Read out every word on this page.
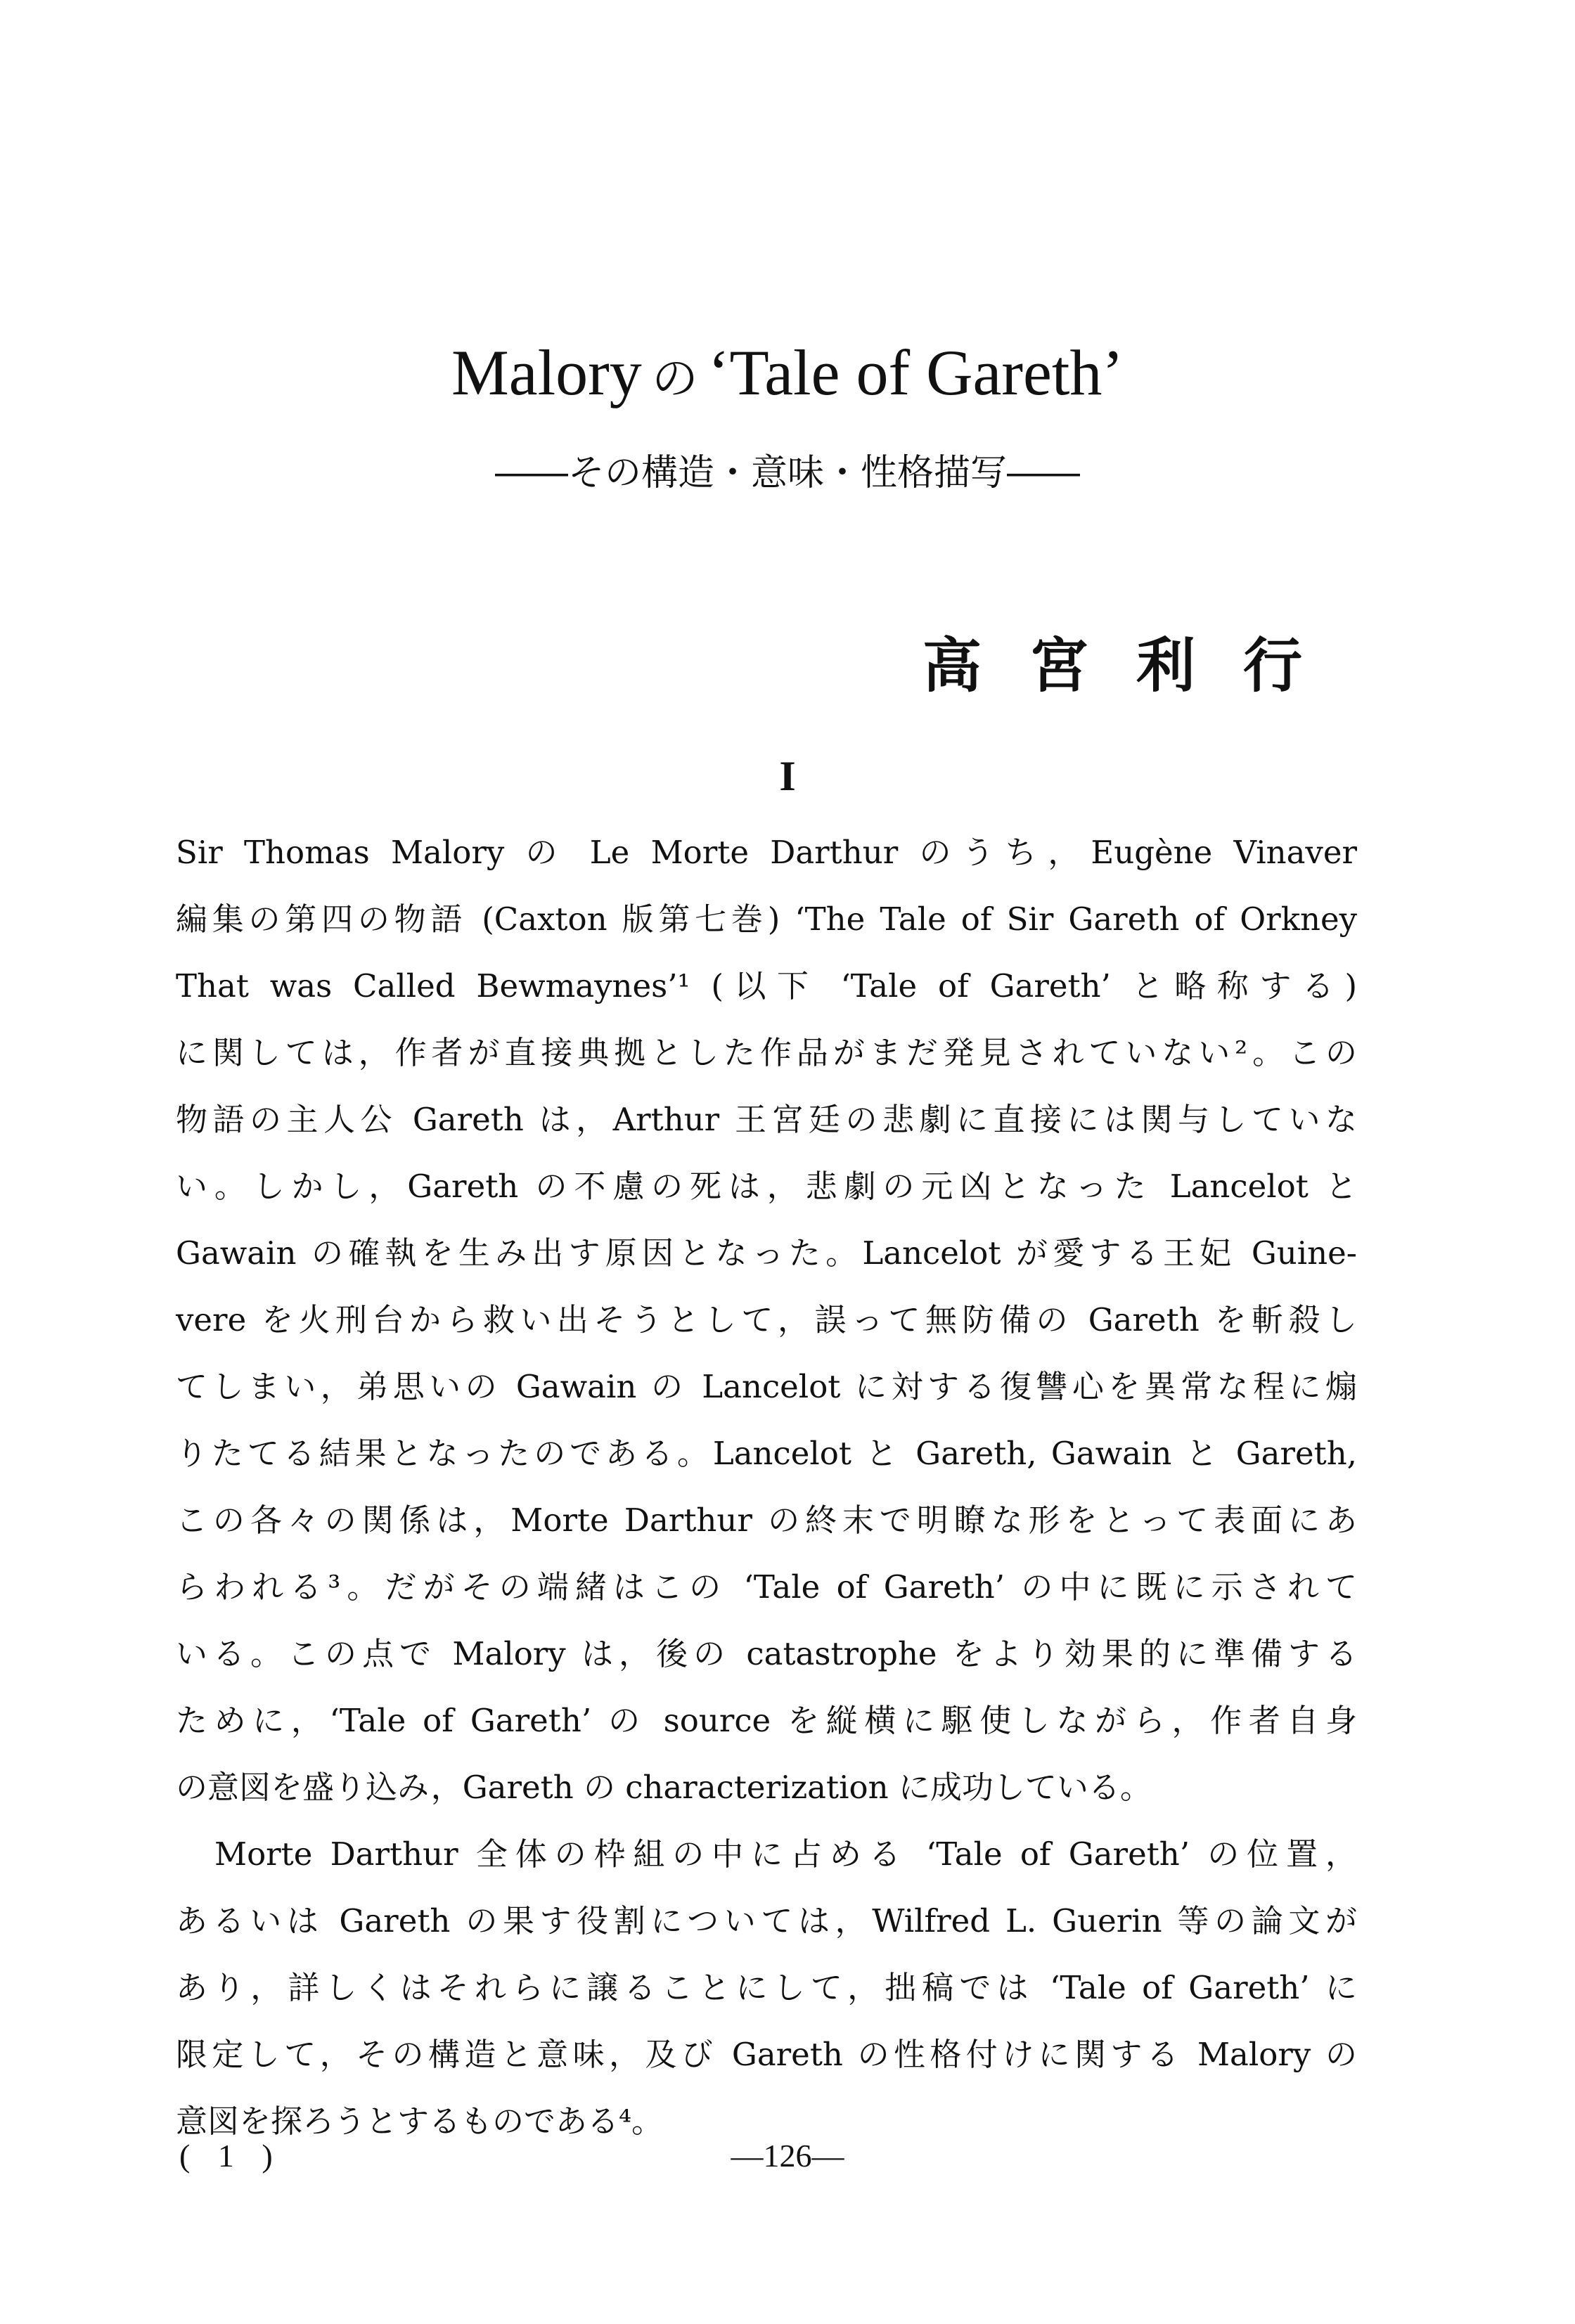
Malory の ‘Tale of Gareth’
――その構造・意味・性格描写――
高宮利行
I
Sir Thomas Malory の Le Morte Darthur のうち，Eugène Vinaver
編集の第四の物語 (Caxton 版第七巻) ‘The Tale of Sir Gareth of Orkney
That was Called Bewmaynes’¹ (以下 ‘Tale of Gareth’ と略称する)
に関しては，作者が直接典拠とした作品がまだ発見されていない²。この
物語の主人公 Gareth は，Arthur 王宮廷の悲劇に直接には関与していな
い。しかし，Gareth の不慮の死は，悲劇の元凶となった Lancelot と
Gawain の確執を生み出す原因となった。Lancelot が愛する王妃 Guine-
vere を火刑台から救い出そうとして，誤って無防備の Gareth を斬殺し
てしまい，弟思いの Gawain の Lancelot に対する復讐心を異常な程に煽
りたてる結果となったのである。Lancelot と Gareth, Gawain と Gareth,
この各々の関係は，Morte Darthur の終末で明瞭な形をとって表面にあ
らわれる³。だがその端緒はこの ‘Tale of Gareth’ の中に既に示されて
いる。この点で Malory は，後の catastrophe をより効果的に準備する
ために，‘Tale of Gareth’ の source を縦横に駆使しながら，作者自身
の意図を盛り込み，Gareth の characterization に成功している。
Morte Darthur 全体の枠組の中に占める ‘Tale of Gareth’ の位置，
あるいは Gareth の果す役割については，Wilfred L. Guerin 等の論文が
あり，詳しくはそれらに譲ることにして，拙稿では ‘Tale of Gareth’ に
限定して，その構造と意味，及び Gareth の性格付けに関する Malory の
意図を探ろうとするものである⁴。
( 1 )	―126―
